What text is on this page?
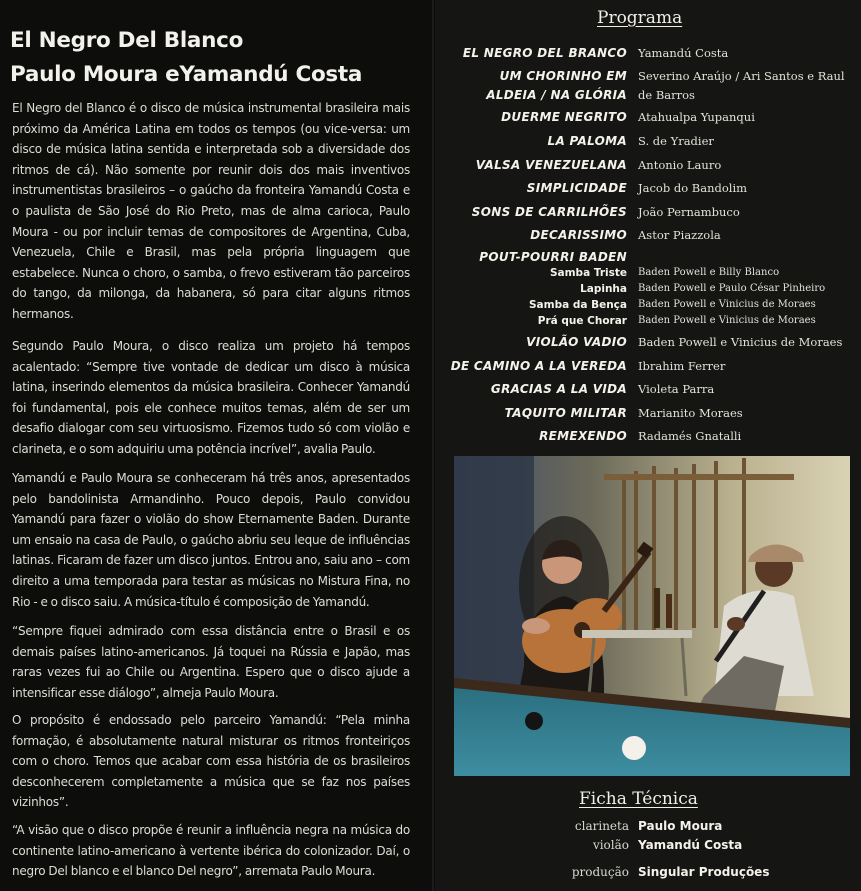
El Negro Del Blanco
Paulo Moura eYamandú Costa

El Negro del Blanco é o disco de música instrumental brasileira mais próximo da América Latina em todos os tempos (ou vice-versa: um disco de música latina sentida e interpretada sob a diversidade dos ritmos de cá). Não somente por reunir dois dos mais inventivos instrumentistas brasileiros – o gaúcho da fronteira Yamandú Costa e o paulista de São José do Rio Preto, mas de alma carioca, Paulo Moura - ou por incluir temas de compositores de Argentina, Cuba, Venezuela, Chile e Brasil, mas pela própria linguagem que estabelece. Nunca o choro, o samba, o frevo estiveram tão parceiros do tango, da milonga, da habanera, só para citar alguns ritmos hermanos.

Segundo Paulo Moura, o disco realiza um projeto há tempos acalentado: “Sempre tive vontade de dedicar um disco à música latina, inserindo elementos da música brasileira. Conhecer Yamandú foi fundamental, pois ele conhece muitos temas, além de ser um desafio dialogar com seu virtuosismo. Fizemos tudo só com violão e clarineta, e o som adquiriu uma potência incrível”, avalia Paulo.

Yamandú e Paulo Moura se conheceram há três anos, apresentados pelo bandolinista Armandinho. Pouco depois, Paulo convidou Yamandú para fazer o violão do show Eternamente Baden. Durante um ensaio na casa de Paulo, o gaúcho abriu seu leque de influências latinas. Ficaram de fazer um disco juntos. Entrou ano, saiu ano – com direito a uma temporada para testar as músicas no Mistura Fina, no Rio - e o disco saiu. A música-título é composição de Yamandú.

“Sempre fiquei admirado com essa distância entre o Brasil e os demais países latino-americanos. Já toquei na Rússia e Japão, mas raras vezes fui ao Chile ou Argentina. Espero que o disco ajude a intensificar esse diálogo”, almeja Paulo Moura.

O propósito é endossado pelo parceiro Yamandú: “Pela minha formação, é absolutamente natural misturar os ritmos fronteiriços com o choro. Temos que acabar com essa história de os brasileiros desconhecerem completamente a música que se faz nos países vizinhos”.

“A visão que o disco propõe é reunir a influência negra na música do continente latino-americano à vertente ibérica do colonizador. Daí, o negro Del blanco e el blanco Del negro”, arremata Paulo Moura.

Programa
EL NEGRO DEL BRANCO Yamandú Costa
UM CHORINHO EM Severino Araújo / Ari Santos e Raul
ALDEIA / NA GLÓRIA de Barros
DUERME NEGRITO Atahualpa Yupanqui
LA PALOMA S. de Yradier
VALSA VENEZUELANA Antonio Lauro
SIMPLICIDADE Jacob do Bandolim
SONS DE CARRILHÕES João Pernambuco
DECARISSIMO Astor Piazzola
POUT-POURRI BADEN
Samba Triste Baden Powell e Billy Blanco
Lapinha Baden Powell e Paulo César Pinheiro
Samba da Bença Baden Powell e Vinicius de Moraes
Prá que Chorar Baden Powell e Vinicius de Moraes
VIOLÃO VADIO Baden Powell e Vinicius de Moraes
DE CAMINO A LA VEREDA Ibrahim Ferrer
GRACIAS A LA VIDA Violeta Parra
TAQUITO MILITAR Marianito Moraes
REMEXENDO Radamés Gnatalli
Ficha Técnica
clarineta Paulo Moura
violão Yamandú Costa
produção Singular Produções
